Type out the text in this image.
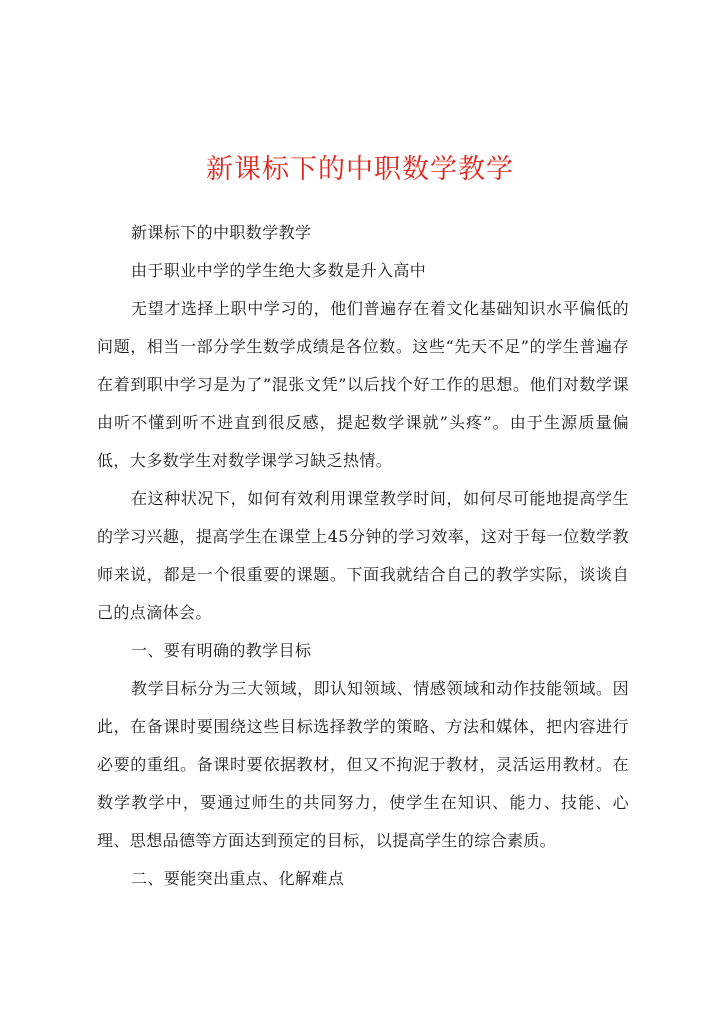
新课标下的中职数学教学

新课标下的中职数学教学

由于职业中学的学生绝大多数是升入高中

无望才选择上职中学习的，他们普遍存在着文化基础知识水平偏低的问题，相当一部分学生数学成绩是各位数。这些“先天不足”的学生普遍存在着到职中学习是为了”混张文凭”以后找个好工作的思想。他们对数学课由听不懂到听不进直到很反感，提起数学课就”头疼”。由于生源质量偏低，大多数学生对数学课学习缺乏热情。

在这种状况下，如何有效利用课堂教学时间，如何尽可能地提高学生的学习兴趣，提高学生在课堂上45分钟的学习效率，这对于每一位数学教师来说，都是一个很重要的课题。下面我就结合自己的教学实际，谈谈自己的点滴体会。

一、要有明确的教学目标

教学目标分为三大领域，即认知领域、情感领域和动作技能领域。因此，在备课时要围绕这些目标选择教学的策略、方法和媒体，把内容进行必要的重组。备课时要依据教材，但又不拘泥于教材，灵活运用教材。在数学教学中，要通过师生的共同努力，使学生在知识、能力、技能、心理、思想品德等方面达到预定的目标，以提高学生的综合素质。

二、要能突出重点、化解难点
